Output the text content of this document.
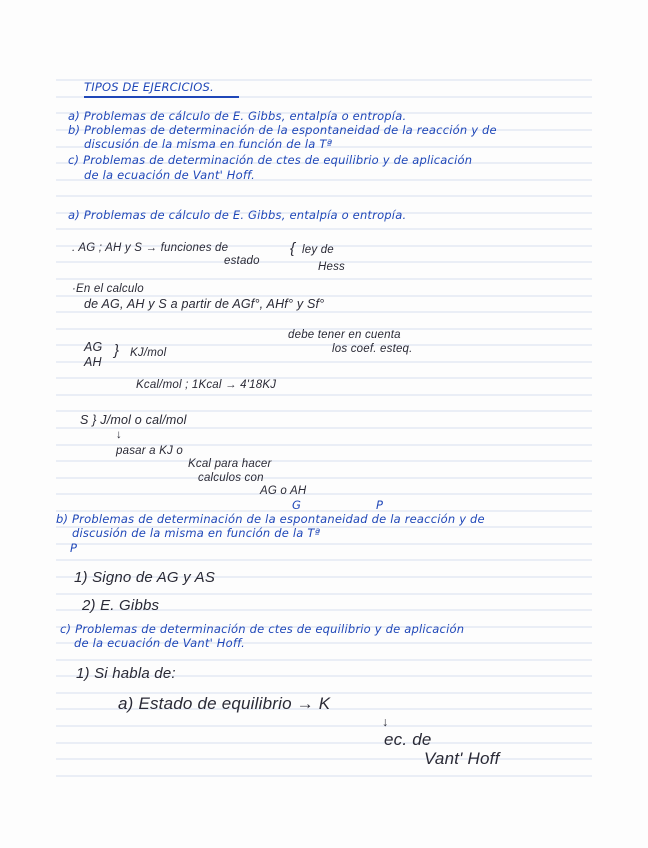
TIPOS DE EJERCICIOS.
a) Problemas de cálculo de E. Gibbs, entalpía o entropía.
b) Problemas de determinación de la espontaneidad de la reacción y de
discusión de la misma en función de la Tª
c) Problemas de determinación de ctes de equilibrio y de aplicación
de la ecuación de Vant' Hoff.
a) Problemas de cálculo de E. Gibbs, entalpía o entropía.
. AG ; AH y S → funciones de
estado
{ ley de
Hess
·En el calculo
de AG, AH y S a partir de AGf°, AHf° y Sf°
debe tener en cuenta
los coef. esteq.
AG
AH
} KJ/mol
Kcal/mol ; 1Kcal → 4'18KJ
S } J/mol o cal/mol
↓
pasar a KJ o
Kcal para hacer
calculos con
AG o AH
G	P
b) Problemas de determinación de la espontaneidad de la reacción y de
discusión de la misma en función de la Tª
P
1) Signo de AG y AS
2) E. Gibbs
c) Problemas de determinación de ctes de equilibrio y de aplicación
de la ecuación de Vant' Hoff.
1) Si habla de:
a) Estado de equilibrio → K
↓
ec. de
Vant' Hoff
